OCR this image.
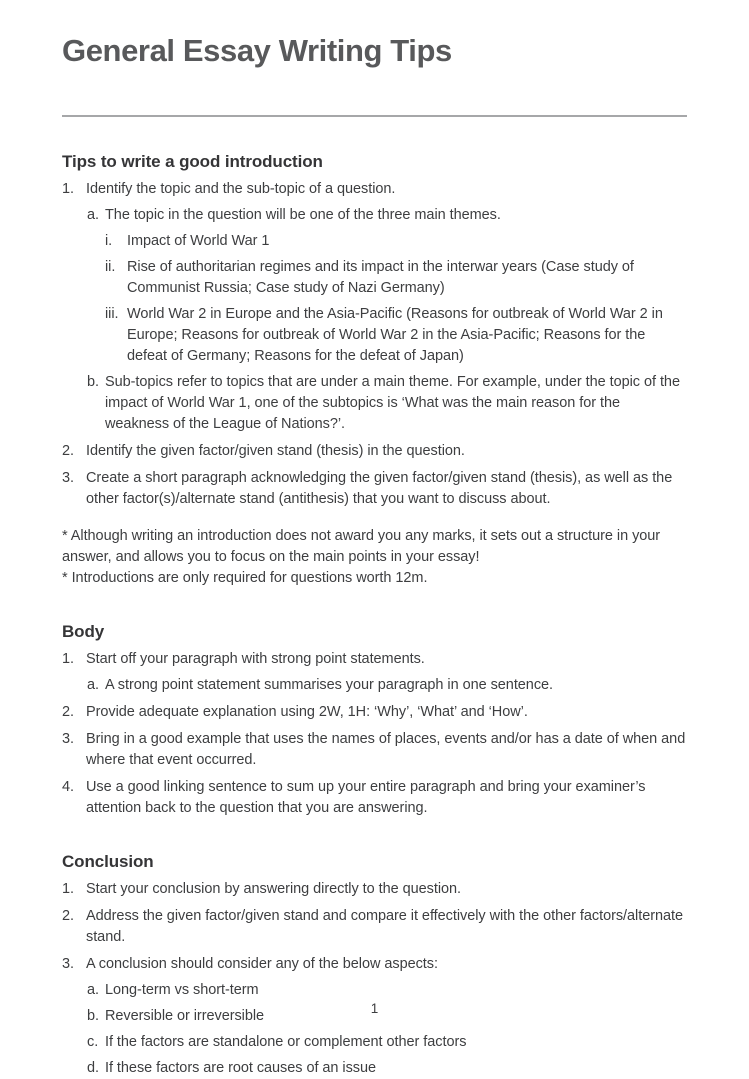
General Essay Writing Tips
Tips to write a good introduction
1. Identify the topic and the sub-topic of a question.
a. The topic in the question will be one of the three main themes.
i.	Impact of World War 1
ii. Rise of authoritarian regimes and its impact in the interwar years (Case study of Communist Russia; Case study of Nazi Germany)
iii. World War 2 in Europe and the Asia-Pacific (Reasons for outbreak of World War 2 in Europe; Reasons for outbreak of World War 2 in the Asia-Pacific; Reasons for the defeat of Germany; Reasons for the defeat of Japan)
b. Sub-topics refer to topics that are under a main theme. For example, under the topic of the impact of World War 1, one of the subtopics is ‘What was the main reason for the weakness of the League of Nations?’.
2. Identify the given factor/given stand (thesis) in the question.
3. Create a short paragraph acknowledging the given factor/given stand (thesis), as well as the other factor(s)/alternate stand (antithesis) that you want to discuss about.

* Although writing an introduction does not award you any marks, it sets out a structure in your answer, and allows you to focus on the main points in your essay!

* Introductions are only required for questions worth 12m.

Body
1. Start off your paragraph with strong point statements.
a. A strong point statement summarises your paragraph in one sentence.
2. Provide adequate explanation using 2W, 1H: ‘Why’, ‘What’ and ‘How’.
3. Bring in a good example that uses the names of places, events and/or has a date of when and where that event occurred.
4. Use a good linking sentence to sum up your entire paragraph and bring your examiner’s attention back to the question that you are answering.
Conclusion
1. Start your conclusion by answering directly to the question.
2. Address the given factor/given stand and compare it effectively with the other factors/​alternate stand.
3. A conclusion should consider any of the below aspects:
a. Long-term vs short-term
b. Reversible or irreversible
c. If the factors are standalone or complement other factors
d. If these factors are root causes of an issue
1
